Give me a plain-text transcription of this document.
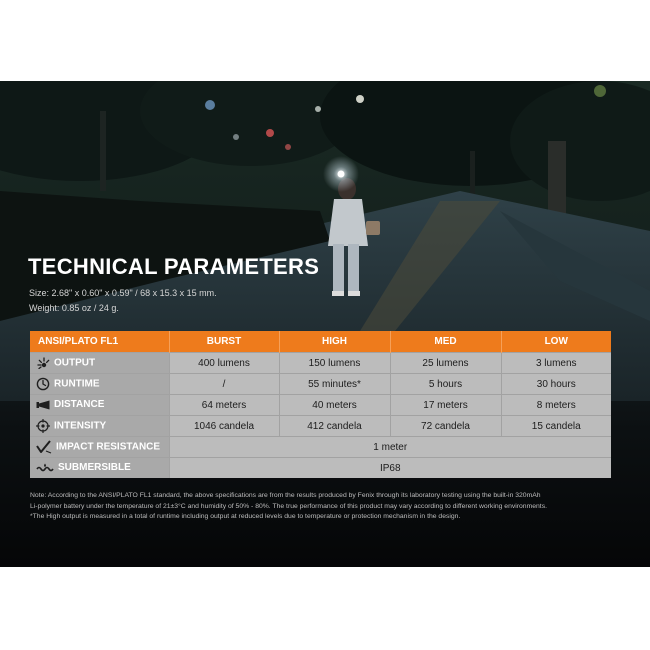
TECHNICAL PARAMETERS
Size: 2.68" x 0.60" x 0.59" / 68 x 15.3 x 15 mm.
Weight: 0.85 oz / 24 g.
ANSI/PLATO FL1	BURST	HIGH	MED	LOW
OUTPUT	400 lumens	150 lumens	25 lumens	3 lumens
RUNTIME	/	55 minutes*	5 hours	30 hours
DISTANCE	64 meters	40 meters	17 meters	8 meters
INTENSITY	1046 candela	412 candela	72 candela	15 candela
IMPACT RESISTANCE	1 meter			
SUBMERSIBLE	IP68			
Note: According to the ANSI/PLATO FL1 standard, the above specifications are from the results produced by Fenix through its laboratory testing using the built-in 320mAh
Li-polymer battery under the temperature of 21±3°C and humidity of 50% - 80%. The true performance of this product may vary according to different working environments.
*The High output is measured in a total of runtime including output at reduced levels due to temperature or protection mechanism in the design.
